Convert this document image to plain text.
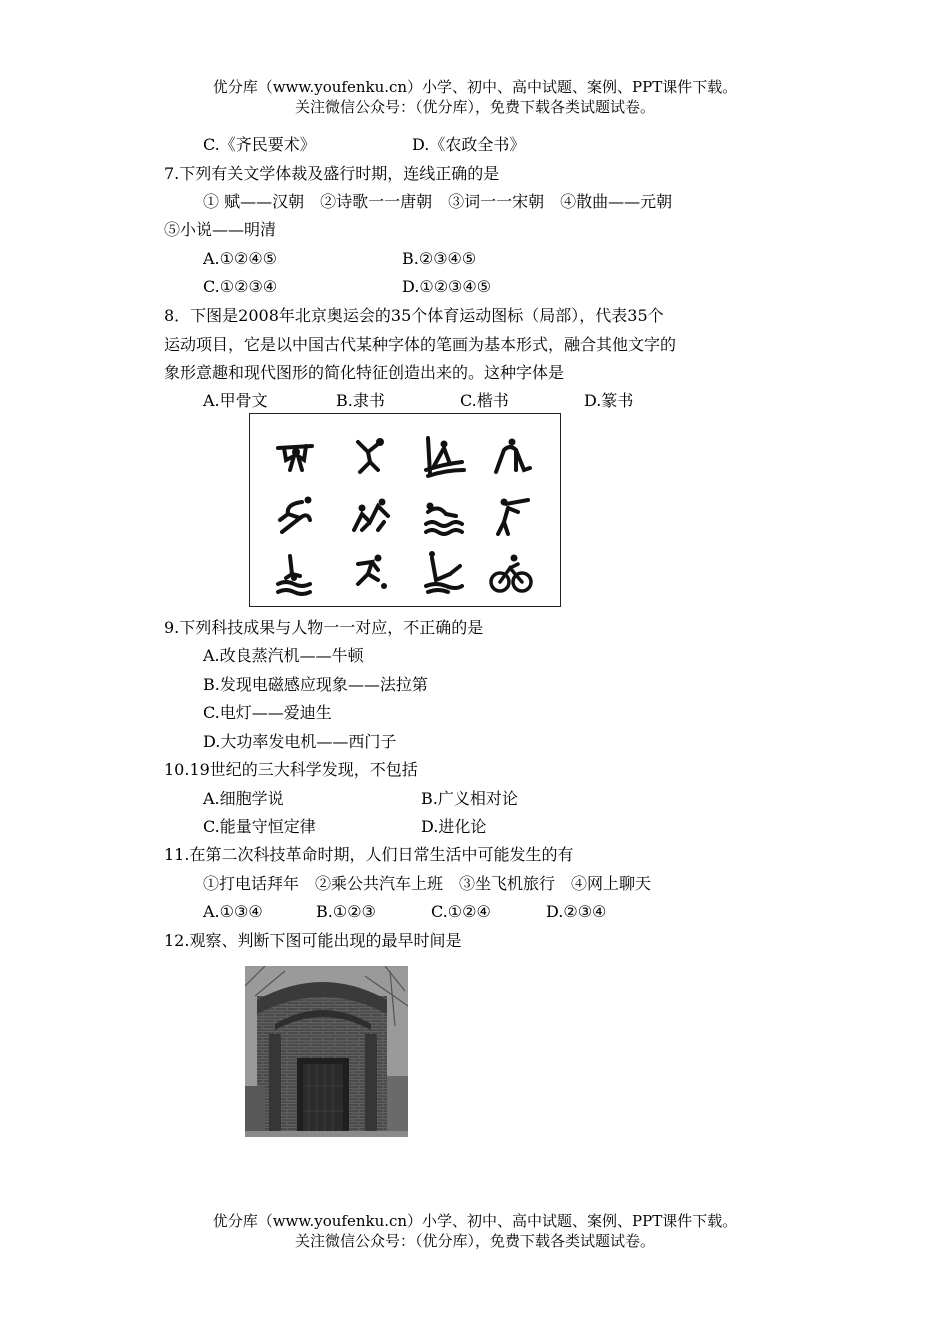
优分库（www.youfenku.cn）小学、初中、高中试题、案例、PPT课件下载。
关注微信公众号：（优分库），免费下载各类试题试卷。
C.《齐民要术》	D.《农政全书》
7.下列有关文学体裁及盛行时期，连线正确的是
① 赋——汉朝　②诗歌一一唐朝　③词一一宋朝　④散曲——元朝
⑤小说——明清
A.①②④⑤	B.②③④⑤
C.①②③④	D.①②③④⑤
8．下图是2008年北京奥运会的35个体育运动图标（局部），代表35个
运动项目，它是以中国古代某种字体的笔画为基本形式，融合其他文字的
象形意趣和现代图形的简化特征创造出来的。这种字体是
A.甲骨文	B.隶书	C.楷书	D.篆书
9.下列科技成果与人物一一对应，不正确的是
A.改良蒸汽机——牛顿
B.发现电磁感应现象——法拉第
C.电灯——爱迪生
D.大功率发电机——西门子
10.19世纪的三大科学发现，不包括
A.细胞学说	B.广义相对论
C.能量守恒定律	D.进化论
11.在第二次科技革命时期，人们日常生活中可能发生的有
①打电话拜年　②乘公共汽车上班　③坐飞机旅行　④网上聊天
A.①③④	B.①②③	C.①②④	D.②③④
12.观察、判断下图可能出现的最早时间是
优分库（www.youfenku.cn）小学、初中、高中试题、案例、PPT课件下载。
关注微信公众号：（优分库），免费下载各类试题试卷。
